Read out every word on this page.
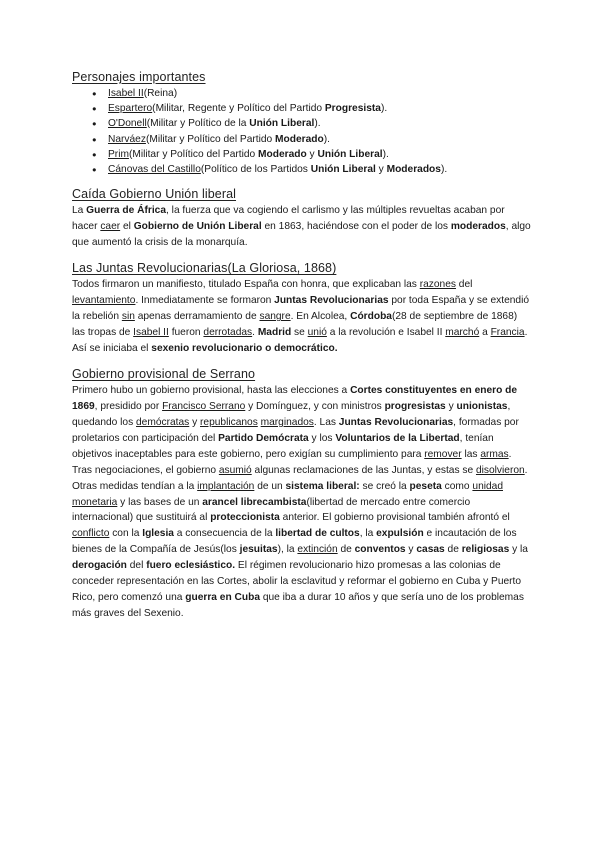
Personajes importantes
● Isabel II(Reina)
● Espartero(Militar, Regente y Político del Partido Progresista).
● O'Donell(Militar y Político de la Unión Liberal).
● Narváez(Militar y Político del Partido Moderado).
● Prim(Militar y Político del Partido Moderado y Unión Liberal).
● Cánovas del Castillo(Político de los Partidos Unión Liberal y Moderados).
Caída Gobierno Unión liberal
La Guerra de África, la fuerza que va cogiendo el carlismo y las múltiples revueltas acaban por hacer caer el Gobierno de Unión Liberal en 1863, haciéndose con el poder de los moderados, algo que aumentó la crisis de la monarquía.
Las Juntas Revolucionarias(La Gloriosa, 1868)
Todos firmaron un manifiesto, titulado España con honra, que explicaban las razones del levantamiento. Inmediatamente se formaron Juntas Revolucionarias por toda España y se extendió la rebelión sin apenas derramamiento de sangre. En Alcolea, Córdoba(28 de septiembre de 1868) las tropas de Isabel II fueron derrotadas. Madrid se unió a la revolución e Isabel II marchó a Francia. Así se iniciaba el sexenio revolucionario o democrático.
Gobierno provisional de Serrano
Primero hubo un gobierno provisional, hasta las elecciones a Cortes constituyentes en enero de 1869, presidido por Francisco Serrano y Domínguez, y con ministros progresistas y unionistas, quedando los demócratas y republicanos marginados. Las Juntas Revolucionarias, formadas por proletarios con participación del Partido Demócrata y los Voluntarios de la Libertad, tenían objetivos inaceptables para este gobierno, pero exigían su cumplimiento para remover las armas. Tras negociaciones, el gobierno asumió algunas reclamaciones de las Juntas, y estas se disolvieron. Otras medidas tendían a la implantación de un sistema liberal: se creó la peseta como unidad monetaria y las bases de un arancel librecambista(libertad de mercado entre comercio internacional) que sustituirá al proteccionista anterior. El gobierno provisional también afrontó el conflicto con la Iglesia a consecuencia de la libertad de cultos, la expulsión e incautación de los bienes de la Compañía de Jesús(los jesuitas), la extinción de conventos y casas de religiosas y la derogación del fuero eclesiástico. El régimen revolucionario hizo promesas a las colonias de conceder representación en las Cortes, abolir la esclavitud y reformar el gobierno en Cuba y Puerto Rico, pero comenzó una guerra en Cuba que iba a durar 10 años y que sería uno de los problemas más graves del Sexenio.
